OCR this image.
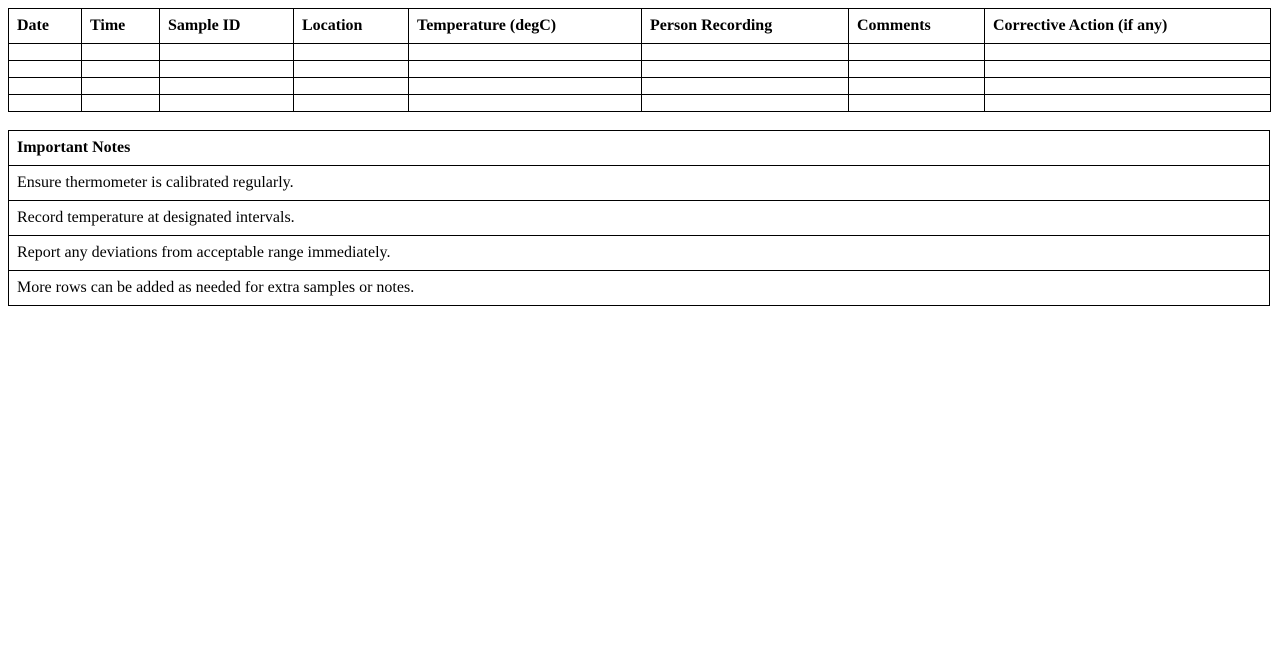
Date	Time	Sample ID	Location	Temperature (degC)	Person Recording	Comments	Corrective Action (if any)

Important Notes
Ensure thermometer is calibrated regularly.
Record temperature at designated intervals.
Report any deviations from acceptable range immediately.
More rows can be added as needed for extra samples or notes.
